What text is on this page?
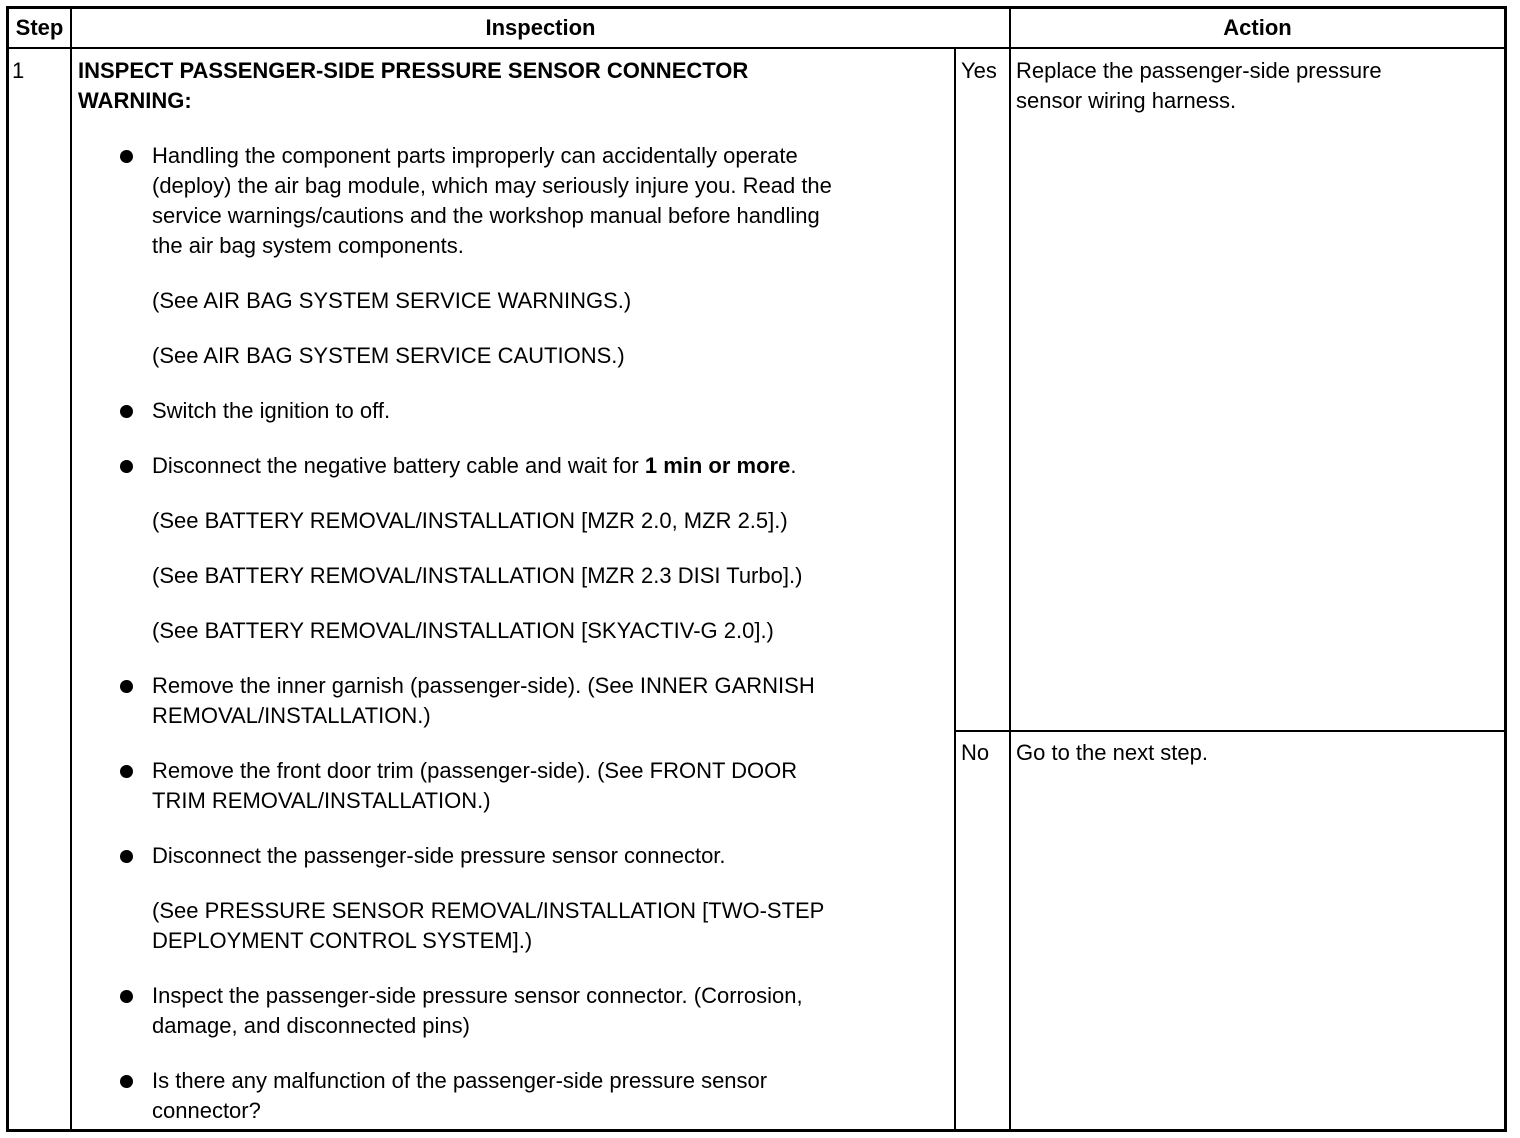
Step	Inspection	Action
1 INSPECT PASSENGER-SIDE PRESSURE SENSOR CONNECTOR
WARNING:
Handling the component parts improperly can accidentally operate
(deploy) the air bag module, which may seriously injure you. Read the
service warnings/cautions and the workshop manual before handling
the air bag system components.
(See AIR BAG SYSTEM SERVICE WARNINGS.)
(See AIR BAG SYSTEM SERVICE CAUTIONS.)
Switch the ignition to off.
Disconnect the negative battery cable and wait for 1 min or more.
(See BATTERY REMOVAL/INSTALLATION [MZR 2.0, MZR 2.5].)
(See BATTERY REMOVAL/INSTALLATION [MZR 2.3 DISI Turbo].)
(See BATTERY REMOVAL/INSTALLATION [SKYACTIV-G 2.0].)
Remove the inner garnish (passenger-side). (See INNER GARNISH
REMOVAL/INSTALLATION.)
Remove the front door trim (passenger-side). (See FRONT DOOR
TRIM REMOVAL/INSTALLATION.)
Disconnect the passenger-side pressure sensor connector.
(See PRESSURE SENSOR REMOVAL/INSTALLATION [TWO-STEP
DEPLOYMENT CONTROL SYSTEM].)
Inspect the passenger-side pressure sensor connector. (Corrosion,
damage, and disconnected pins)
Is there any malfunction of the passenger-side pressure sensor
connector?
Yes Replace the passenger-side pressure
sensor wiring harness.
No Go to the next step.
